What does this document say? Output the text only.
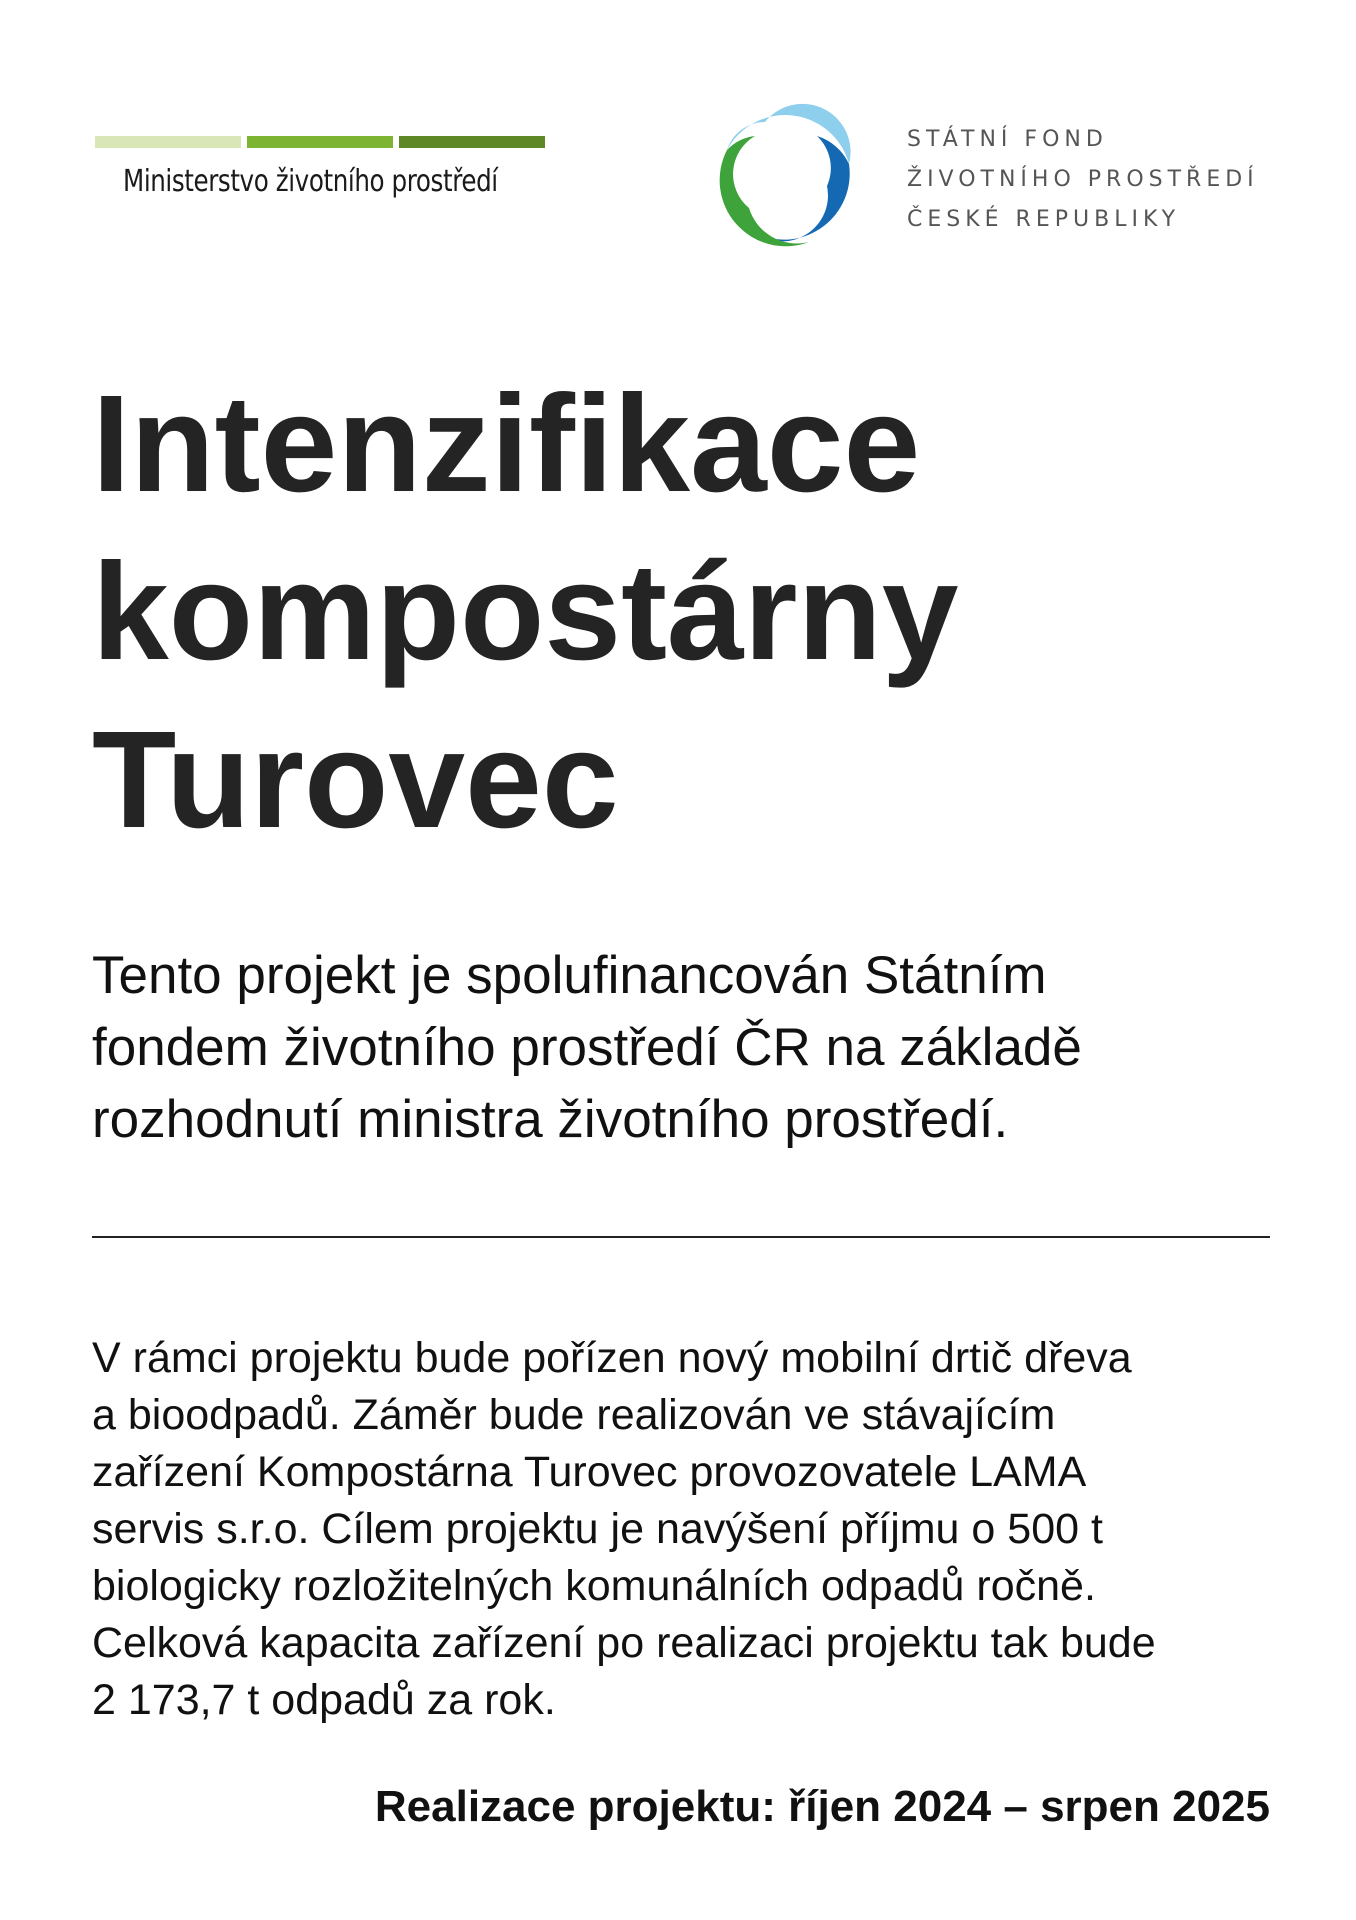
Ministerstvo životního prostředí
STÁTNÍ FOND
ŽIVOTNÍHO PROSTŘEDÍ
ČESKÉ REPUBLIKY
Intenzifikace
kompostárny
Turovec

Tento projekt je spolufinancován Státním
fondem životního prostředí ČR na základě
rozhodnutí ministra životního prostředí.

V rámci projektu bude pořízen nový mobilní drtič dřeva
a bioodpadů. Záměr bude realizován ve stávajícím
zařízení Kompostárna Turovec provozovatele LAMA
servis s.r.o. Cílem projektu je navýšení příjmu o 500 t
biologicky rozložitelných komunálních odpadů ročně.
Celková kapacita zařízení po realizaci projektu tak bude
2 173,7 t odpadů za rok.

Realizace projektu: říjen 2024 – srpen 2025
